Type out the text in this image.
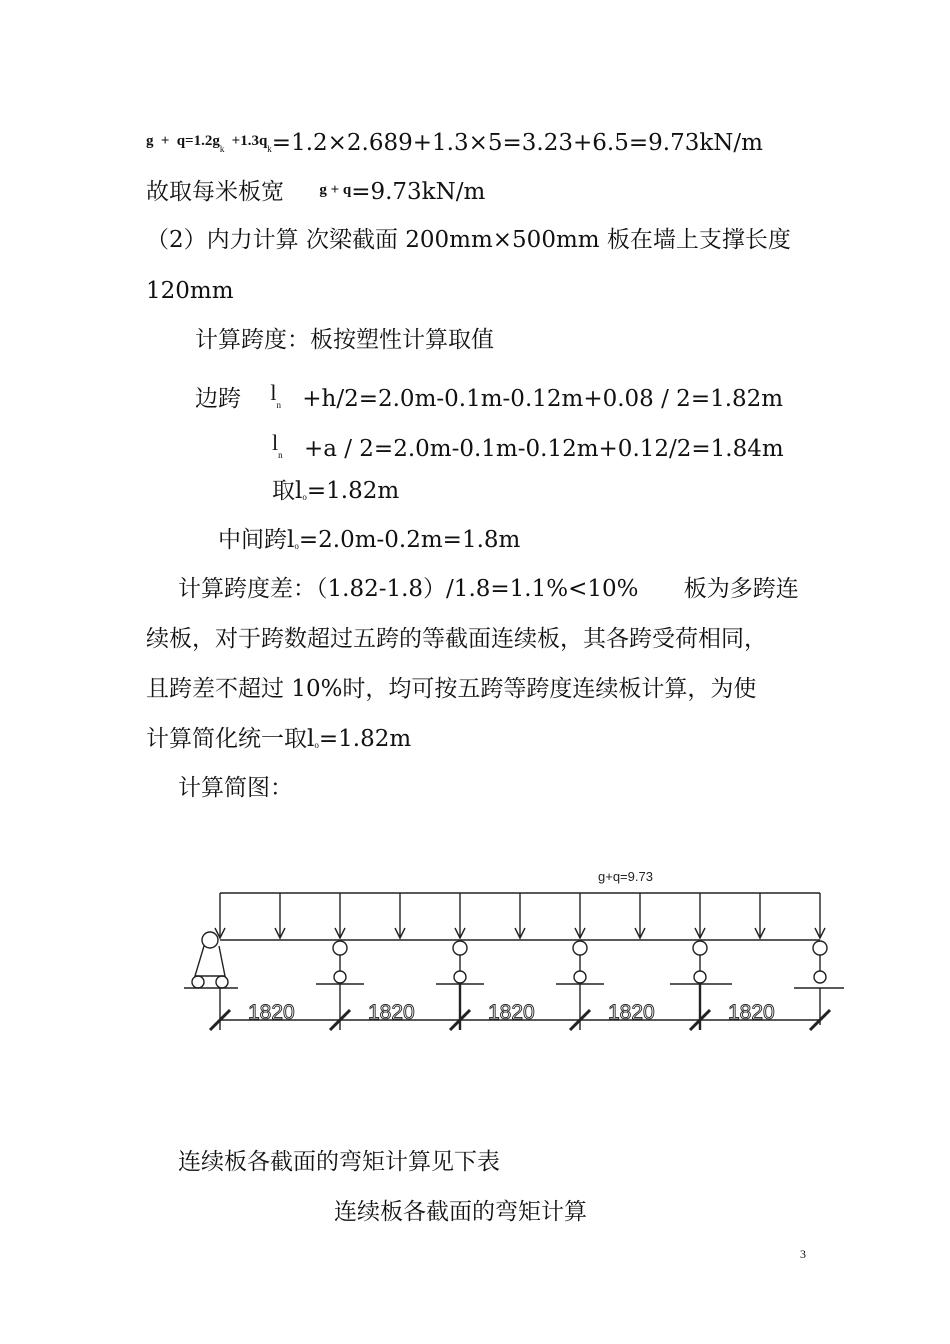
$^g$ + $^{q=1.2g}_k$ $^{+1.3q}_k$=1.2×2.689+1.3×5=3.23+6.5=9.73kN/m
故取每米板宽 $^{g + q}$=9.73kN/m
（2）内力计算 次梁截面 200mm×500mm 板在墙上支撑长度
120mm
计算跨度：板按塑性计算取值
边跨 $l_n +h/2=2.0m-0.1m-0.12m+0.08 / 2=1.82m$
$l_n +a / 2=2.0m-0.1m-0.12m+0.12/2=1.84m$
取$l_o=1.82m$
中间跨$l_o=2.0m-0.2m=1.8m$
计算跨度差：（1.82-1.8）/1.8=1.1%<10% 板为多跨连
续板，对于跨数超过五跨的等截面连续板，其各跨受荷相同，
且跨差不超过 10%时，均可按五跨等跨度连续板计算，为使
计算简化统一取$l_o=1.82m$
计算简图：
g+q=9.73
1820	1820	1820	1820	1820
连续板各截面的弯矩计算见下表
连续板各截面的弯矩计算
3
